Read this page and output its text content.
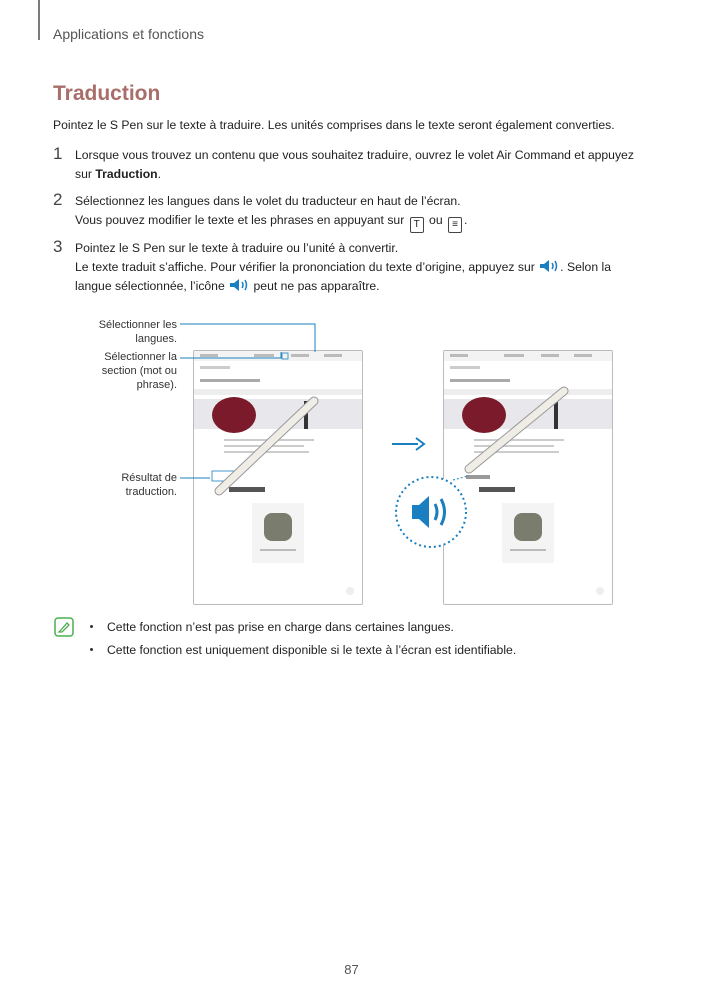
Applications et fonctions
Traduction
Pointez le S Pen sur le texte à traduire. Les unités comprises dans le texte seront également converties.
1 Lorsque vous trouvez un contenu que vous souhaitez traduire, ouvrez le volet Air Command et appuyez
sur Traduction.
2 Sélectionnez les langues dans le volet du traducteur en haut de l’écran.
Vous pouvez modifier le texte et les phrases en appuyant sur T ou ≡ .
3 Pointez le S Pen sur le texte à traduire ou l’unité à convertir.
Le texte traduit s’affiche. Pour vérifier la prononciation du texte d’origine, appuyez sur . Selon la
langue sélectionnée, l’icône peut ne pas apparaître.
Sélectionner les
langues.
Sélectionner la
section (mot ou
phrase).
Résultat de
traduction.
Cette fonction n’est pas prise en charge dans certaines langues.
Cette fonction est uniquement disponible si le texte à l’écran est identifiable.
87
